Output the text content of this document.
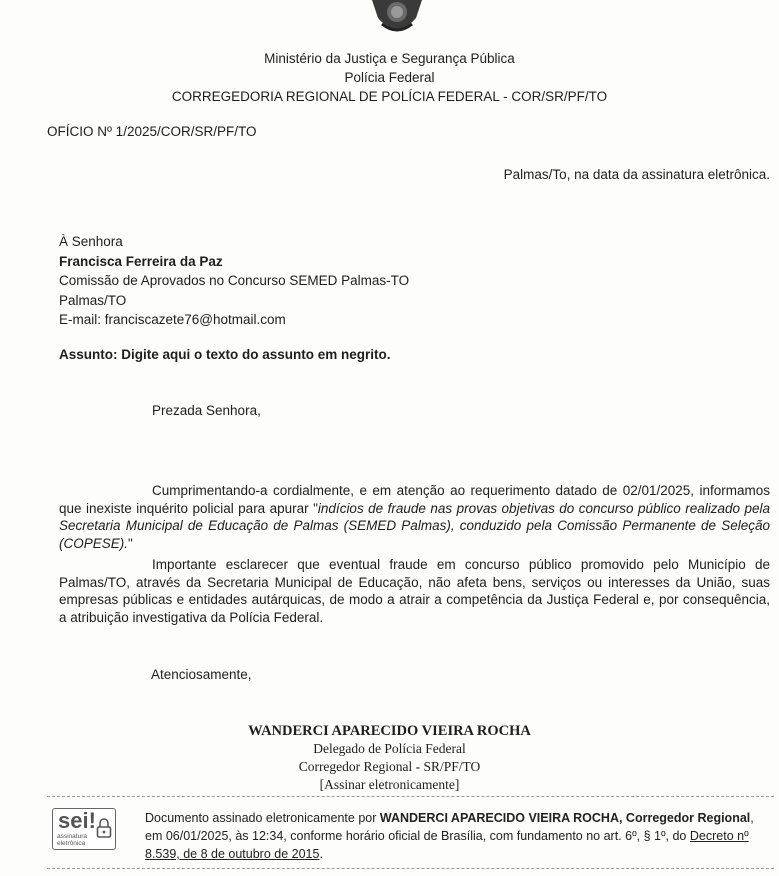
Ministério da Justiça e Segurança Pública
Polícia Federal
CORREGEDORIA REGIONAL DE POLÍCIA FEDERAL - COR/SR/PF/TO
OFÍCIO Nº 1/2025/COR/SR/PF/TO
Palmas/To, na data da assinatura eletrônica.
À Senhora
Francisca Ferreira da Paz
Comissão de Aprovados no Concurso SEMED Palmas-TO
Palmas/TO
E-mail: franciscazete76@hotmail.com
Assunto: Digite aqui o texto do assunto em negrito.
Prezada Senhora,
Cumprimentando-a cordialmente, e em atenção ao requerimento datado de 02/01/2025, informamos que inexiste inquérito policial para apurar "indícios de fraude nas provas objetivas do concurso público realizado pela Secretaria Municipal de Educação de Palmas (SEMED Palmas), conduzido pela Comissão Permanente de Seleção (COPESE)."
Importante esclarecer que eventual fraude em concurso público promovido pelo Município de Palmas/TO, através da Secretaria Municipal de Educação, não afeta bens, serviços ou interesses da União, suas empresas públicas e entidades autárquicas, de modo a atrair a competência da Justiça Federal e, por consequência, a atribuição investigativa da Polícia Federal.
Atenciosamente,
WANDERCI APARECIDO VIEIRA ROCHA
Delegado de Polícia Federal
Corregedor Regional - SR/PF/TO
[Assinar eletronicamente]
sei!
assinatura
eletrônica
Documento assinado eletronicamente por WANDERCI APARECIDO VIEIRA ROCHA, Corregedor Regional, em 06/01/2025, às 12:34, conforme horário oficial de Brasília, com fundamento no art. 6º, § 1º, do Decreto nº 8.539, de 8 de outubro de 2015.
